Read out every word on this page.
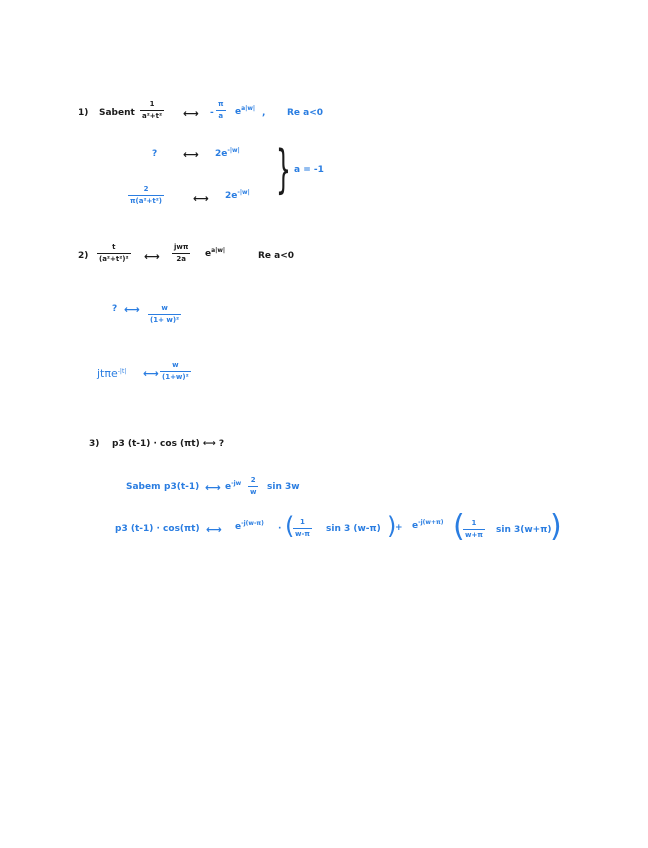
1) Sabent
1
a²+t² ⟷ -
π
a $e^{a|w|}$ , Re a<0
? ⟷ $2e^{-|w|}$
2
π(a²+t²)	⟷ $2e^{-|w|}$ } a = -1
2)
t
(a²+t²)² ⟷
jwπ
2a $e^{a|w|}$
Re a<0
? ⟷	w
(1+ w)²
jtπe$^{-|t|}$ ⟷
w
(1+w)²
3) p3 (t-1) · cos (πt) ⟷ ?
Sabem p3(t-1) ⟷ $e^{-jw}$ 2
w sin 3w
p3 (t-1) · cos(πt) ⟷ $e^{-j(w-\pi)}$
· ( 1
w-π sin 3 (w-π) )
+ $e^{-j(w+\pi)}$ ( 1
w+π sin 3(w+π)
)
